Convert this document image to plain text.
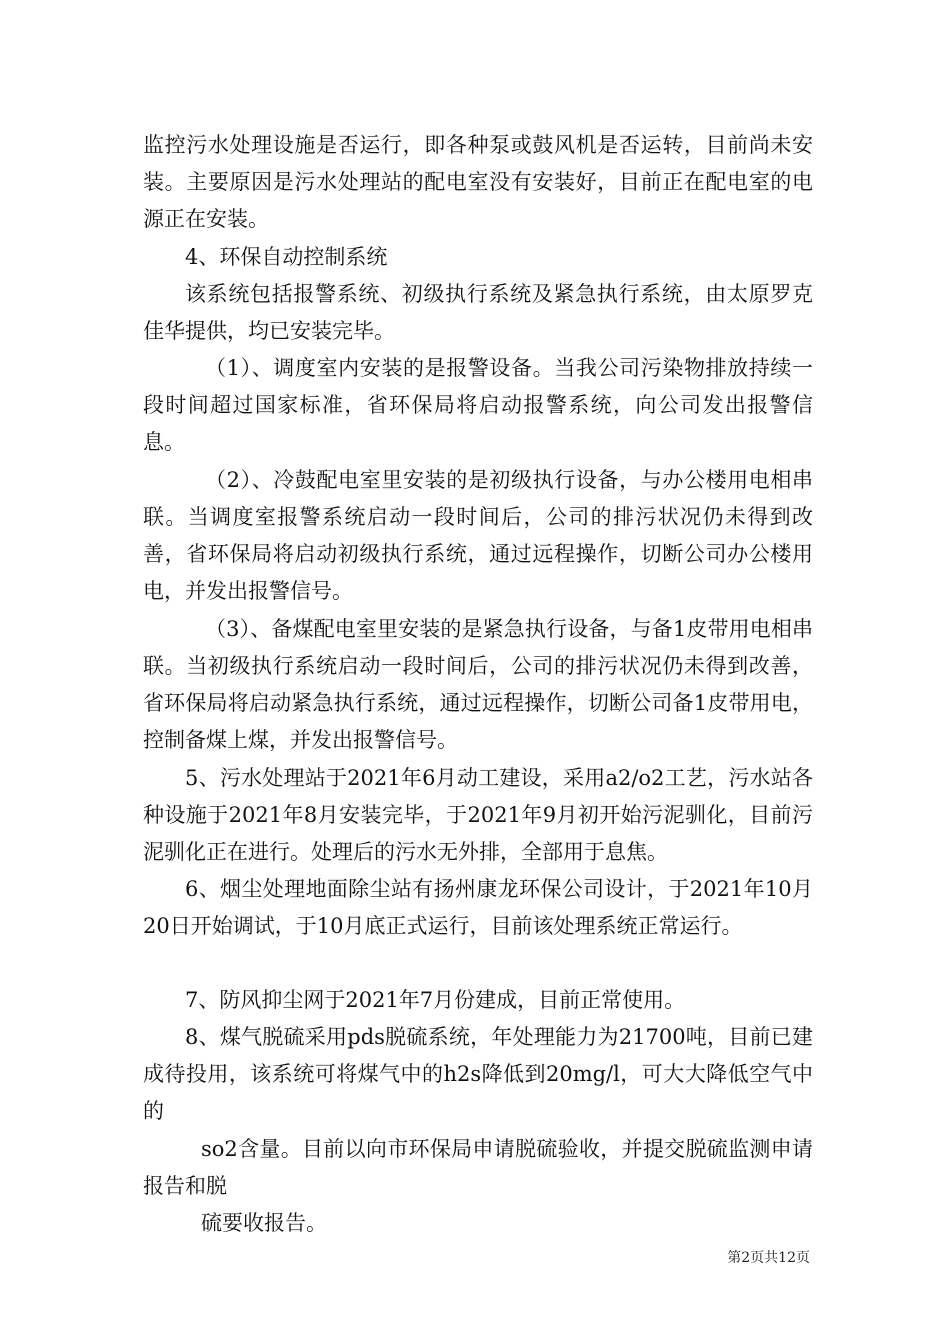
监控污水处理设施是否运行，即各种泵或鼓风机是否运转，目前尚未安装。主要原因是污水处理站的配电室没有安装好，目前正在配电室的电源正在安装。

4、环保自动控制系统

该系统包括报警系统、初级执行系统及紧急执行系统，由太原罗克佳华提供，均已安装完毕。

（1）、调度室内安装的是报警设备。当我公司污染物排放持续一段时间超过国家标准，省环保局将启动报警系统，向公司发出报警信息。

（2）、冷鼓配电室里安装的是初级执行设备，与办公楼用电相串联。当调度室报警系统启动一段时间后，公司的排污状况仍未得到改善，省环保局将启动初级执行系统，通过远程操作，切断公司办公楼用电，并发出报警信号。

（3）、备煤配电室里安装的是紧急执行设备，与备1皮带用电相串联。当初级执行系统启动一段时间后，公司的排污状况仍未得到改善，省环保局将启动紧急执行系统，通过远程操作，切断公司备1皮带用电，控制备煤上煤，并发出报警信号。

5、污水处理站于2021年6月动工建设，采用a2/o2工艺，污水站各种设施于2021年8月安装完毕，于2021年9月初开始污泥驯化，目前污泥驯化正在进行。处理后的污水无外排，全部用于息焦。

6、烟尘处理地面除尘站有扬州康龙环保公司设计，于2021年10月20日开始调试，于10月底正式运行，目前该处理系统正常运行。

7、防风抑尘网于2021年7月份建成，目前正常使用。

8、煤气脱硫采用pds脱硫系统，年处理能力为21700吨，目前已建成待投用，该系统可将煤气中的h2s降低到20mg/l，可大大降低空气中的

so2含量。目前以向市环保局申请脱硫验收，并提交脱硫监测申请报告和脱

硫要收报告。

第2页共12页
